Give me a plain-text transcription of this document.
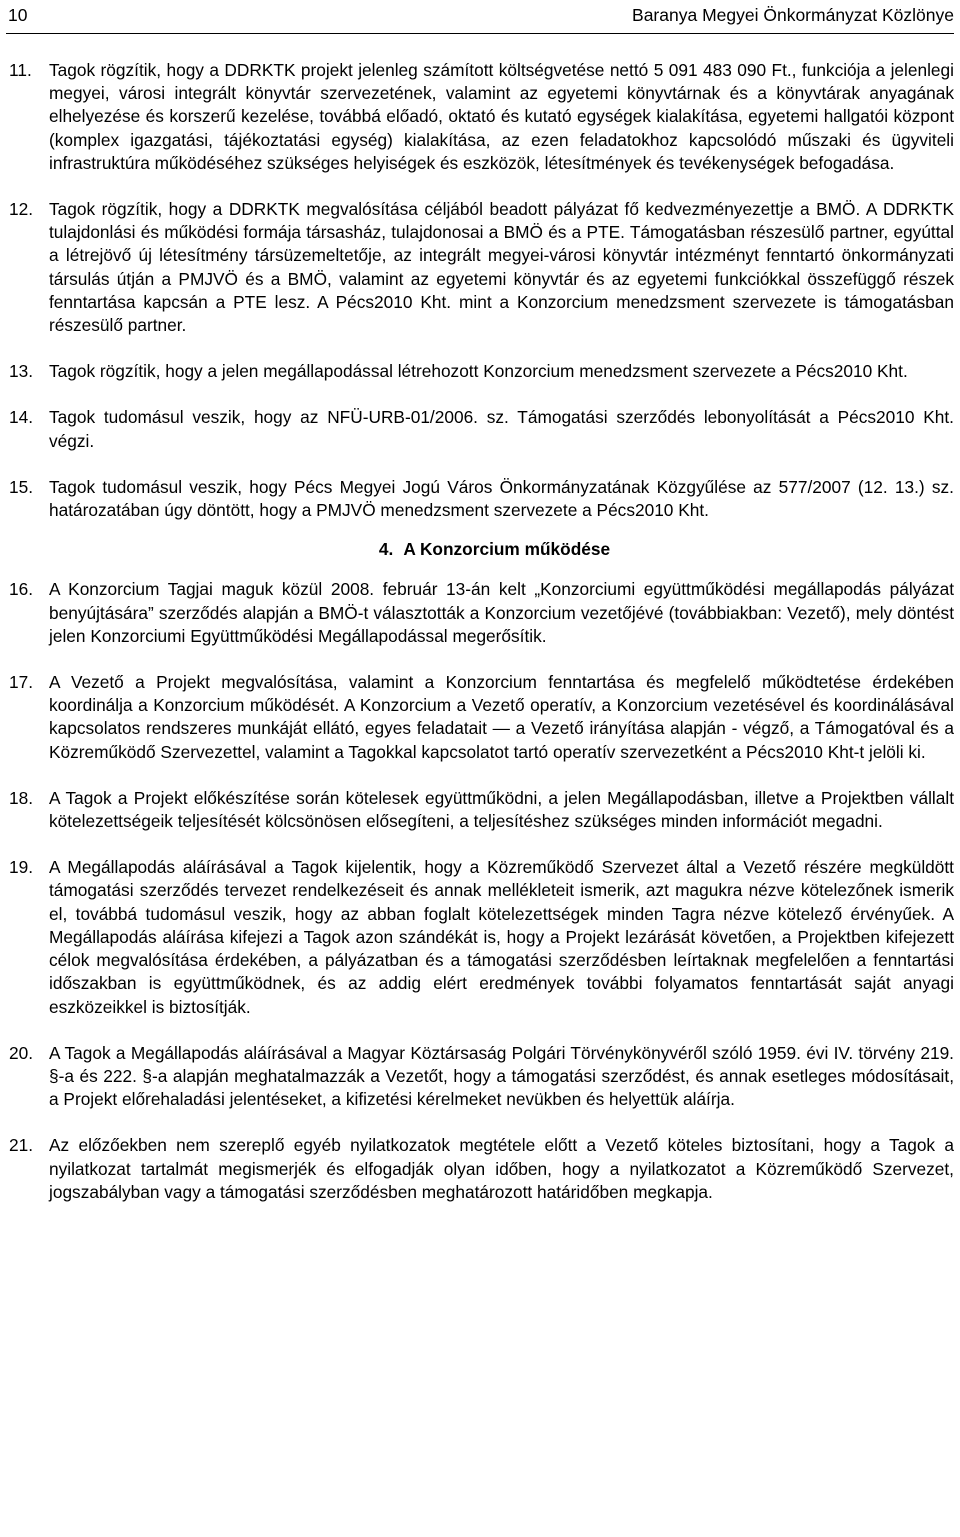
10	Baranya Megyei Önkormányzat Közlönye
11. Tagok rögzítik, hogy a DDRKTK projekt jelenleg számított költségvetése nettó 5 091 483 090 Ft., funkciója a jelenlegi megyei, városi integrált könyvtár szervezetének, valamint az egyetemi könyvtárnak és a könyvtárak anyagának elhelyezése és korszerű kezelése, továbbá előadó, oktató és kutató egységek kialakítása, egyetemi hallgatói központ (komplex igazgatási, tájékoztatási egység) kialakítása, az ezen feladatokhoz kapcsolódó műszaki és ügyviteli infrastruktúra működéséhez szükséges helyiségek és eszközök, létesítmények és tevékenységek befogadása.
12. Tagok rögzítik, hogy a DDRKTK megvalósítása céljából beadott pályázat fő kedvezményezettje a BMÖ. A DDRKTK tulajdonlási és működési formája társasház, tulajdonosai a BMÖ és a PTE. Támogatásban részesülő partner, egyúttal a létrejövő új létesítmény társüzemeltetője, az integrált megyei-városi könyvtár intézményt fenntartó önkormányzati társulás útján a PMJVÖ és a BMÖ, valamint az egyetemi könyvtár és az egyetemi funkciókkal összefüggő részek fenntartása kapcsán a PTE lesz. A Pécs2010 Kht. mint a Konzorcium menedzsment szervezete is támogatásban részesülő partner.
13. Tagok rögzítik, hogy a jelen megállapodással létrehozott Konzorcium menedzsment szervezete a Pécs2010 Kht.
14. Tagok tudomásul veszik, hogy az NFÜ-URB-01/2006. sz. Támogatási szerződés lebonyolítását a Pécs2010 Kht. végzi.
15. Tagok tudomásul veszik, hogy Pécs Megyei Jogú Város Önkormányzatának Közgyűlése az 577/2007 (12. 13.) sz. határozatában úgy döntött, hogy a PMJVÖ menedzsment szervezete a Pécs2010 Kht.
4. A Konzorcium működése
16. A Konzorcium Tagjai maguk közül 2008. február 13-án kelt „Konzorciumi együttműködési megállapodás pályázat benyújtására” szerződés alapján a BMÖ-t választották a Konzorcium vezetőjévé (továbbiakban: Vezető), mely döntést jelen Konzorciumi Együttműködési Megállapodással megerősítik.
17. A Vezető a Projekt megvalósítása, valamint a Konzorcium fenntartása és megfelelő működtetése érdekében koordinálja a Konzorcium működését. A Konzorcium a Vezető operatív, a Konzorcium vezetésével és koordinálásával kapcsolatos rendszeres munkáját ellátó, egyes feladatait — a Vezető irányítása alapján - végző, a Támogatóval és a Közreműködő Szervezettel, valamint a Tagokkal kapcsolatot tartó operatív szervezetként a Pécs2010 Kht-t jelöli ki.
18. A Tagok a Projekt előkészítése során kötelesek együttműködni, a jelen Megállapodásban, illetve a Projektben vállalt kötelezettségeik teljesítését kölcsönösen elősegíteni, a teljesítéshez szükséges minden információt megadni.
19. A Megállapodás aláírásával a Tagok kijelentik, hogy a Közreműködő Szervezet által a Vezető részére megküldött támogatási szerződés tervezet rendelkezéseit és annak mellékleteit ismerik, azt magukra nézve kötelezőnek ismerik el, továbbá tudomásul veszik, hogy az abban foglalt kötelezettségek minden Tagra nézve kötelező érvényűek. A Megállapodás aláírása kifejezi a Tagok azon szándékát is, hogy a Projekt lezárását követően, a Projektben kifejezett célok megvalósítása érdekében, a pályázatban és a támogatási szerződésben leírtaknak megfelelően a fenntartási időszakban is együttműködnek, és az addig elért eredmények további folyamatos fenntartását saját anyagi eszközeikkel is biztosítják.
20. A Tagok a Megállapodás aláírásával a Magyar Köztársaság Polgári Törvénykönyvéről szóló 1959. évi IV. törvény 219. §-a és 222. §-a alapján meghatalmazzák a Vezetőt, hogy a támogatási szerződést, és annak esetleges módosításait, a Projekt előrehaladási jelentéseket, a kifizetési kérelmeket nevükben és helyettük aláírja.
21. Az előzőekben nem szereplő egyéb nyilatkozatok megtétele előtt a Vezető köteles biztosítani, hogy a Tagok a nyilatkozat tartalmát megismerjék és elfogadják olyan időben, hogy a nyilatkozatot a Közreműködő Szervezet, jogszabályban vagy a támogatási szerződésben meghatározott határidőben megkapja.
